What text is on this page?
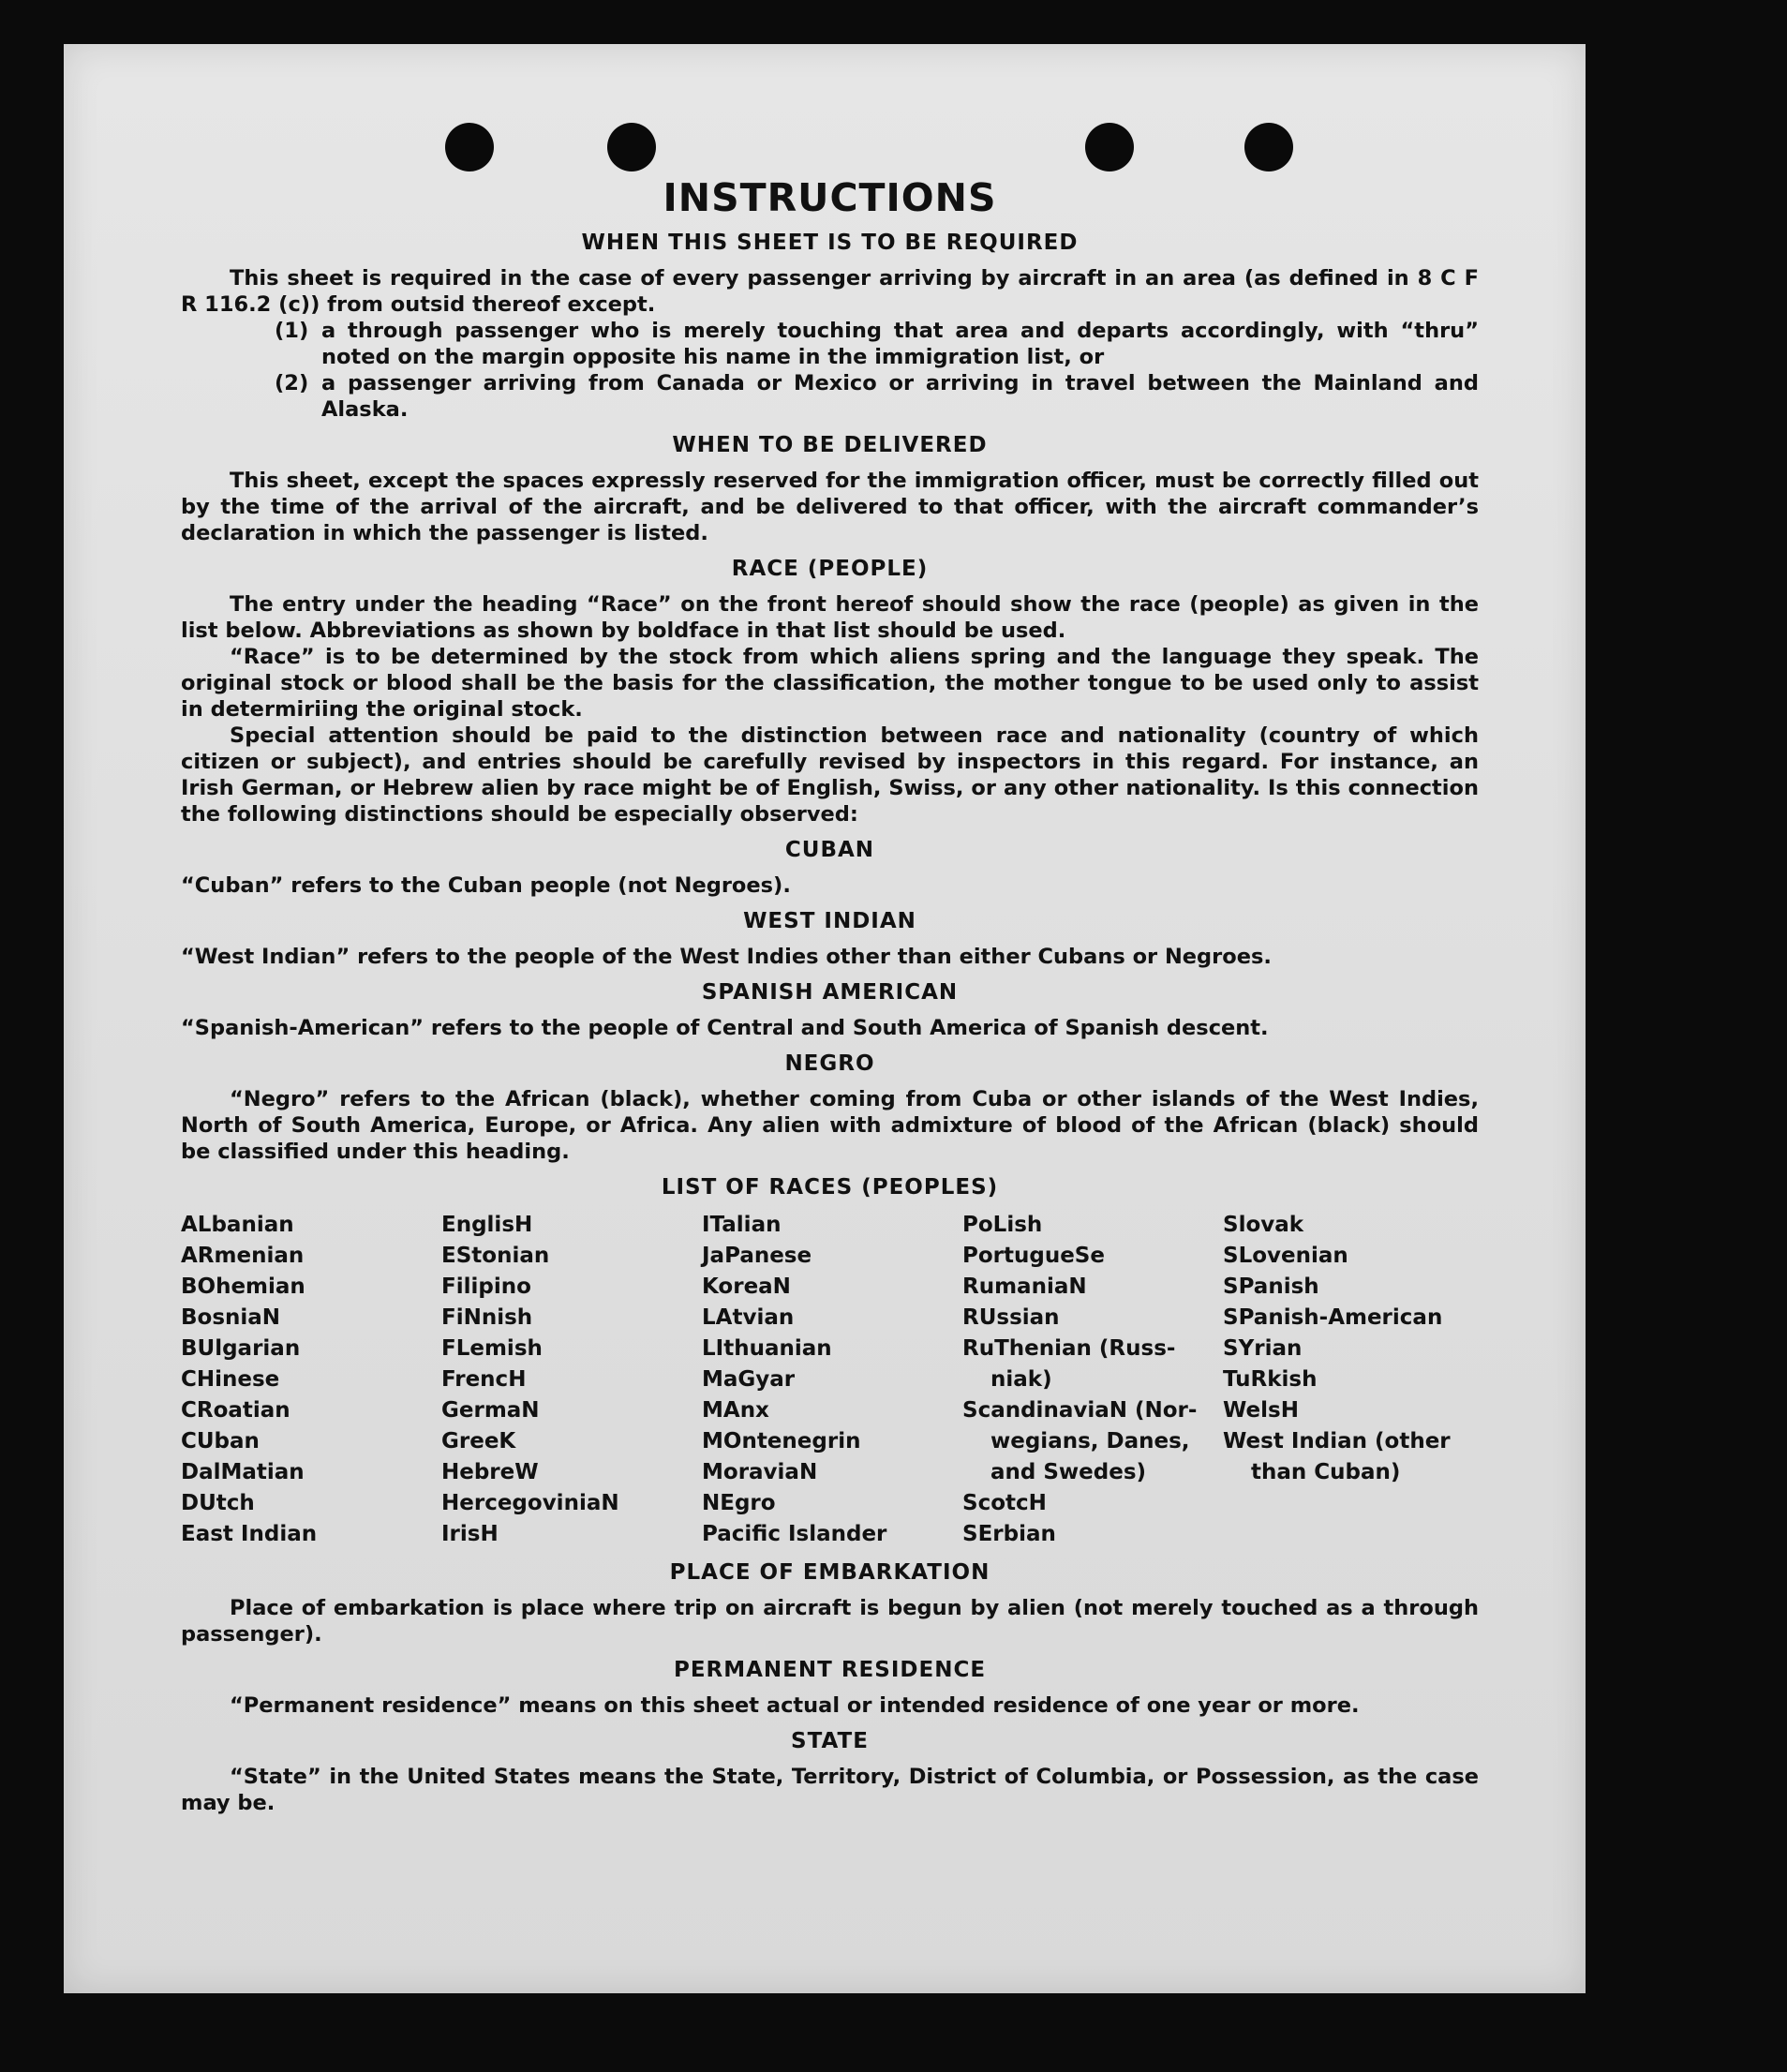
INSTRUCTIONS
WHEN THIS SHEET IS TO BE REQUIRED

This sheet is required in the case of every passenger arriving by aircraft in an area (as defined in 8 C F R 116.2 (c)) from outsid thereof except.

(1) a through passenger who is merely touching that area and departs accordingly, with “thru” noted on the margin opposite his name in the immigration list, or
(2) a passenger arriving from Canada or Mexico or arriving in travel between the Mainland and Alaska.
WHEN TO BE DELIVERED

This sheet, except the spaces expressly reserved for the immigration officer, must be correctly filled out by the time of the arrival of the aircraft, and be delivered to that officer, with the aircraft commander’s declaration in which the passenger is listed.

RACE (PEOPLE)

The entry under the heading “Race” on the front hereof should show the race (people) as given in the list below. Abbreviations as shown by boldface in that list should be used.

“Race” is to be determined by the stock from which aliens spring and the language they speak. The original stock or blood shall be the basis for the classification, the mother tongue to be used only to assist in determiriing the original stock.

Special attention should be paid to the distinction between race and nationality (country of which citizen or subject), and entries should be carefully revised by inspectors in this regard. For instance, an Irish German, or Hebrew alien by race might be of English, Swiss, or any other nationality. Is this connection the following distinctions should be especially observed:

CUBAN

“Cuban” refers to the Cuban people (not Negroes).

WEST INDIAN

“West Indian” refers to the people of the West Indies other than either Cubans or Negroes.

SPANISH AMERICAN

“Spanish-American” refers to the people of Central and South America of Spanish descent.

NEGRO

“Negro” refers to the African (black), whether coming from Cuba or other islands of the West Indies, North of South America, Europe, or Africa. Any alien with admixture of blood of the African (black) should be classified under this heading.

LIST OF RACES (PEOPLES)
ALbanian
ARmenian
BOhemian
BosniaN
BUlgarian
CHinese
CRoatian
CUban
DalMatian
DUtch
East Indian
EnglisH
EStonian
Filipino
FiNnish
FLemish
FrencH
GermaN
GreeK
HebreW
HercegoviniaN
IrisH
ITalian
JaPanese
KoreaN
LAtvian
LIthuanian
MaGyar
MAnx
MOntenegrin
MoraviaN
NEgro
Pacific Islander
PoLish
PortugueSe
RumaniaN
RUssian
RuThenian (Russ-
niak)
ScandinaviaN (Nor-
wegians, Danes,
and Swedes)
ScotcH
SErbian
Slovak
SLovenian
SPanish
SPanish-American
SYrian
TuRkish
WelsH
West Indian (other
than Cuban)
PLACE OF EMBARKATION

Place of embarkation is place where trip on aircraft is begun by alien (not merely touched as a through passenger).

PERMANENT RESIDENCE

“Permanent residence” means on this sheet actual or intended residence of one year or more.

STATE

“State” in the United States means the State, Territory, District of Columbia, or Possession, as the case may be.
